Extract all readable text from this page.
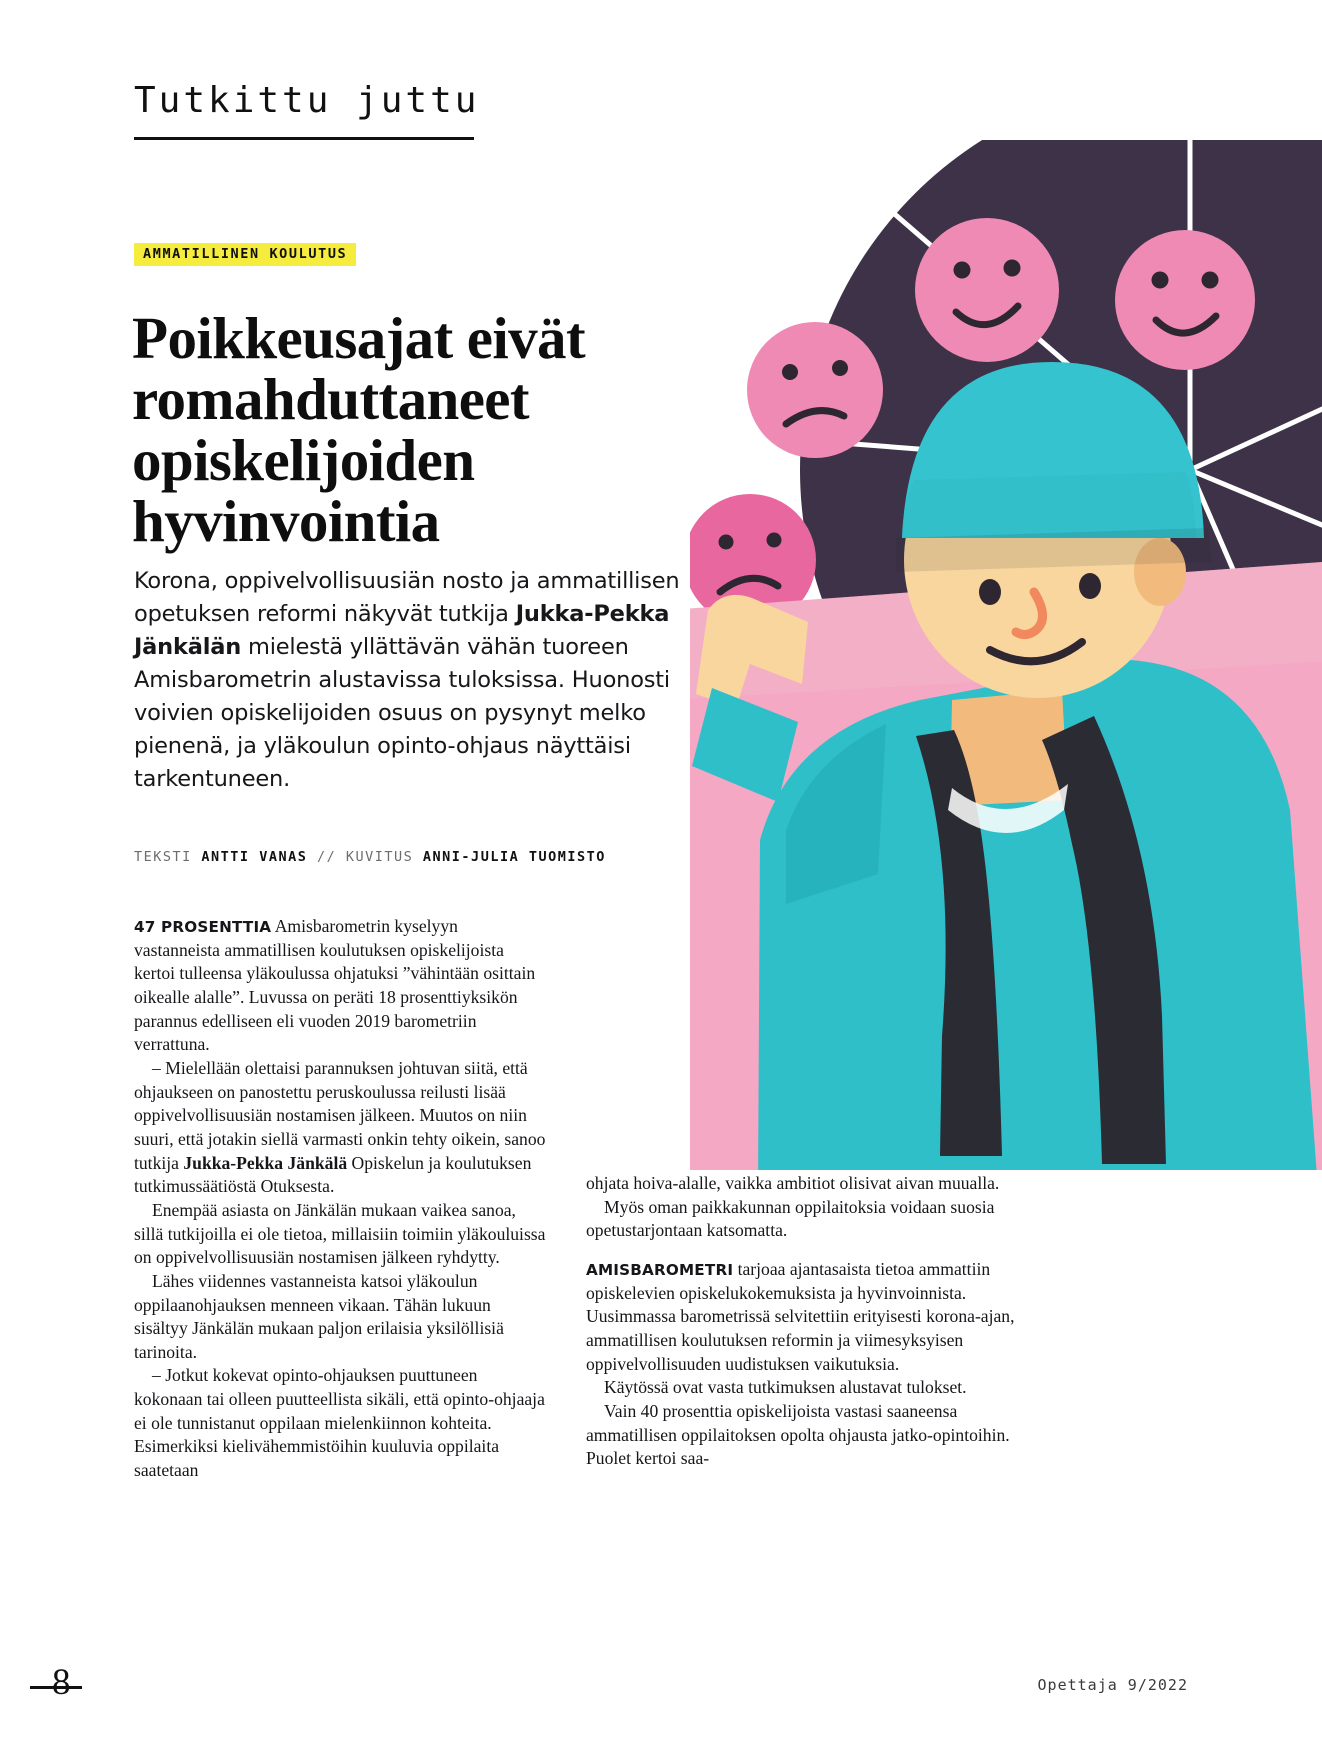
Tutkittu juttu
AMMATILLINEN KOULUTUS
Poikkeusajat eivät romahduttaneet opiskelijoiden hyvinvointia
Korona, oppivelvollisuusiän nosto ja ammatillisen opetuksen reformi näkyvät tutkija Jukka-Pekka Jänkälän mielestä yllättävän vähän tuoreen Amisbarometrin alustavissa tuloksissa. Huonosti voivien opiskelijoiden osuus on pysynyt melko pienenä, ja yläkoulun opinto-ohjaus näyttäisi tarkentuneen.
TEKSTI ANTTI VANAS // KUVITUS ANNI-JULIA TUOMISTO

47 PROSENTTIA Amisbarometrin kyselyyn vastanneista ammatillisen koulutuksen opiskelijoista kertoi tulleensa yläkoulussa ohjatuksi ”vähintään osittain oikealle alalle”. Luvussa on peräti 18 prosenttiyksikön parannus edelliseen eli vuoden 2019 barometriin verrattuna.

– Mielellään olettaisi parannuksen johtuvan siitä, että ohjaukseen on panostettu peruskoulussa reilusti lisää oppivelvollisuusiän nostamisen jälkeen. Muutos on niin suuri, että jotakin siellä varmasti onkin tehty oikein, sanoo tutkija Jukka-Pekka Jänkälä Opiskelun ja koulutuksen tutkimussäätiöstä Otuksesta.

Enempää asiasta on Jänkälän mukaan vaikea sanoa, sillä tutkijoilla ei ole tietoa, millaisiin toimiin yläkouluissa on oppivelvollisuusiän nostamisen jälkeen ryhdytty.

Lähes viidennes vastanneista katsoi yläkoulun oppilaanohjauksen menneen vikaan. Tähän lukuun sisältyy Jänkälän mukaan paljon erilaisia yksilöllisiä tarinoita.

– Jotkut kokevat opinto-ohjauksen puuttuneen kokonaan tai olleen puutteellista sikäli, että opinto-ohjaaja ei ole tunnistanut oppilaan mielenkiinnon kohteita. Esimerkiksi kielivähemmistöihin kuuluvia oppilaita saatetaan

ohjata hoiva-alalle, vaikka ambitiot olisivat aivan muualla.

Myös oman paikkakunnan oppilaitoksia voidaan suosia opetustarjontaan katsomatta.

AMISBAROMETRI tarjoaa ajantasaista tietoa ammattiin opiskelevien opiskelukokemuksista ja hyvinvoinnista. Uusimmassa barometrissä selvitettiin erityisesti korona-ajan, ammatillisen koulutuksen reformin ja viimesyksyisen oppivelvollisuuden uudistuksen vaikutuksia.

Käytössä ovat vasta tutkimuksen alustavat tulokset.

Vain 40 prosenttia opiskelijoista vastasi saaneensa ammatillisen oppilaitoksen opolta ohjausta jatko-opintoihin. Puolet kertoi saa-

8	Opettaja 9/2022
